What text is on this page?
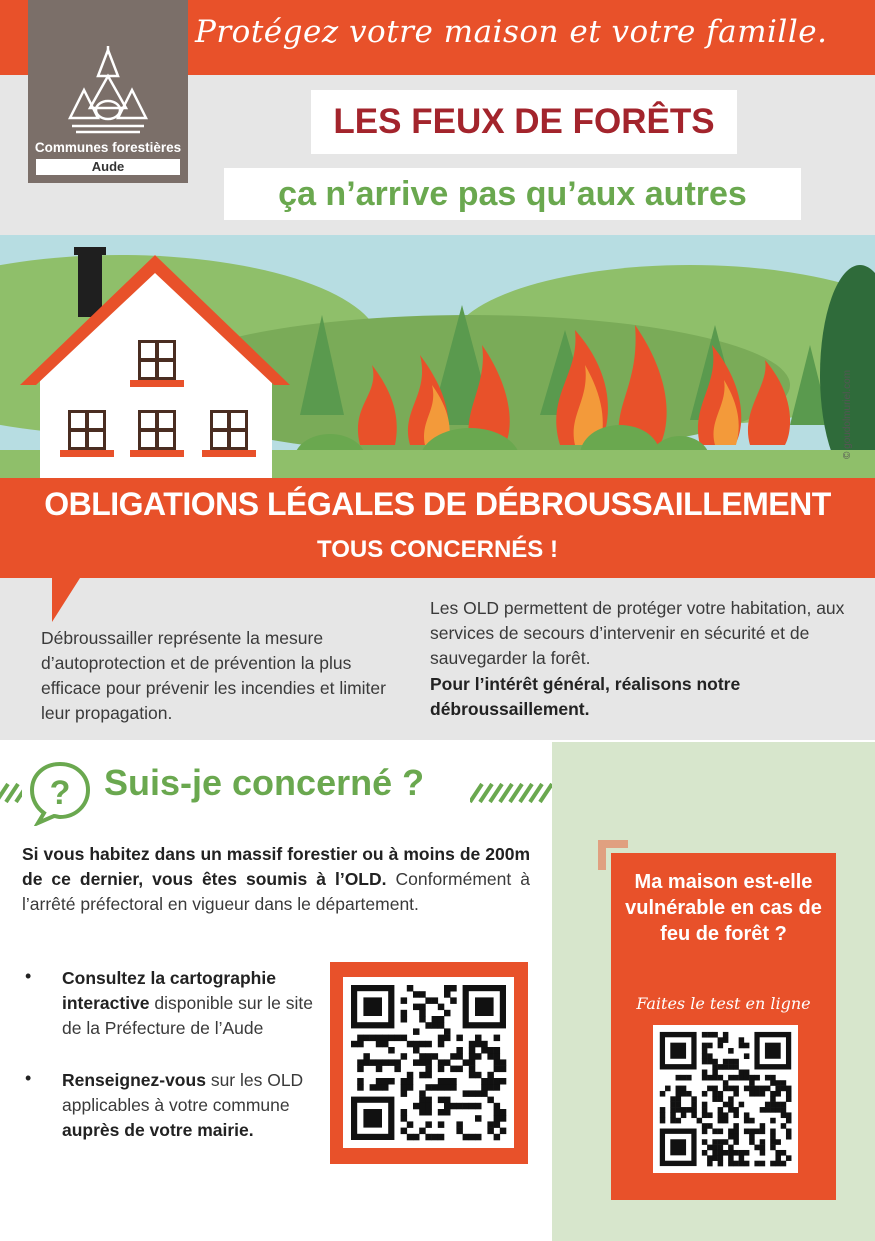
Protégez votre maison et votre famille.
Communes forestières
Aude
LES FEUX DE FORÊTS
ça n’arrive pas qu’aux autres
© goudolmuriel.com
OBLIGATIONS LÉGALES DE DÉBROUSSAILLEMENT
TOUS CONCERNÉS !
Débroussailler représente la mesure d’autoprotection et de prévention la plus efficace pour prévenir les incendies et limiter leur propagation.
Les OLD permettent de protéger votre habitation, aux services de secours d’intervenir en sécurité et de sauvegarder la forêt.
Pour l’intérêt général, réalisons notre débroussaillement.
? Suis-je concerné ?
Si vous habitez dans un massif forestier ou à moins de 200m de ce dernier, vous êtes soumis à l’OLD. Conformément à l’arrêté préfectoral en vigueur dans le département.
• Consultez la cartographie interactive disponible sur le site de la Préfecture de l’Aude
• Renseignez-vous sur les OLD applicables à votre commune auprès de votre mairie.
Ma maison est-elle vulnérable en cas de feu de forêt ?
Faites le test en ligne
